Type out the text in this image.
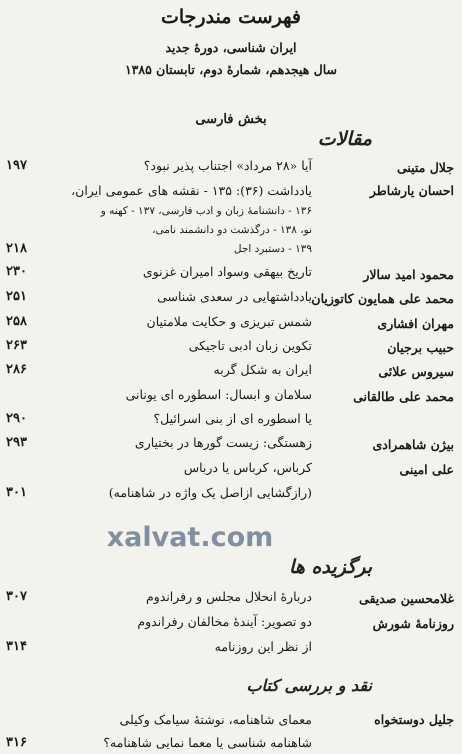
فهرست مندرجات
ایران شناسی، دورهٔ جدید
سال هیجدهم، شمارهٔ دوم، تابستان ۱۳۸۵
بخش فارسی
مقالات
جلال متینی
آیا «۲۸ مرداد» اجتناب پذیر نبود؟
۱۹۷
احسان یارشاطر
یادداشت (۳۶): ۱۳۵ - نقشه های عمومی ایران،
۱۳۶ - دانشنامهٔ زبان و ادب فارسی، ۱۳۷ - کهنه و
نو، ۱۳۸ - درگذشت دو دانشمند نامی،
۱۳۹ - دستبرد اجل
۲۱۸
محمود امید سالار
تاریخ بیهقی وسواد امیران غزنوی
۲۳۰
محمد علی همایون کاتوزیان
یادداشتهایی در سعدی شناسی
۲۵۱
مهران افشاری
شمس تبریزی و حکایت ملامتیان
۲۵۸
حبیب برجیان
تکوین زبان ادبی تاجیکی
۲۶۳
سیروس علائی
ایران به شکل گربه
۲۸۶
محمد علی طالقانی
سلامان و ابسال: اسطوره ای یونانی
یا اسطوره ای از بنی اسرائیل؟
۲۹۰
بیژن شاهمرادی
زهستگی: زیست گورها در بختیاری
۲۹۳
علی امینی
کرباس، کرباس یا درباس
(رازگشایی ازاصل یک واژه در شاهنامه)
۳۰۱
xalvat.com
برگزیده ها
غلامحسین صدیقی
دربارهٔ انحلال مجلس و رفراندوم
۳۰۷
روزنامهٔ شورش
دو تصویر: آیندهٔ مخالفان رفراندوم
از نظر این روزنامه
۳۱۴
نقد و بررسی کتاب
جلیل دوستخواه
معمای شاهنامه، نوشتهٔ سیامک وکیلی
شاهنامه شناسی یا معما نمایی شاهنامه؟
۳۱۶
